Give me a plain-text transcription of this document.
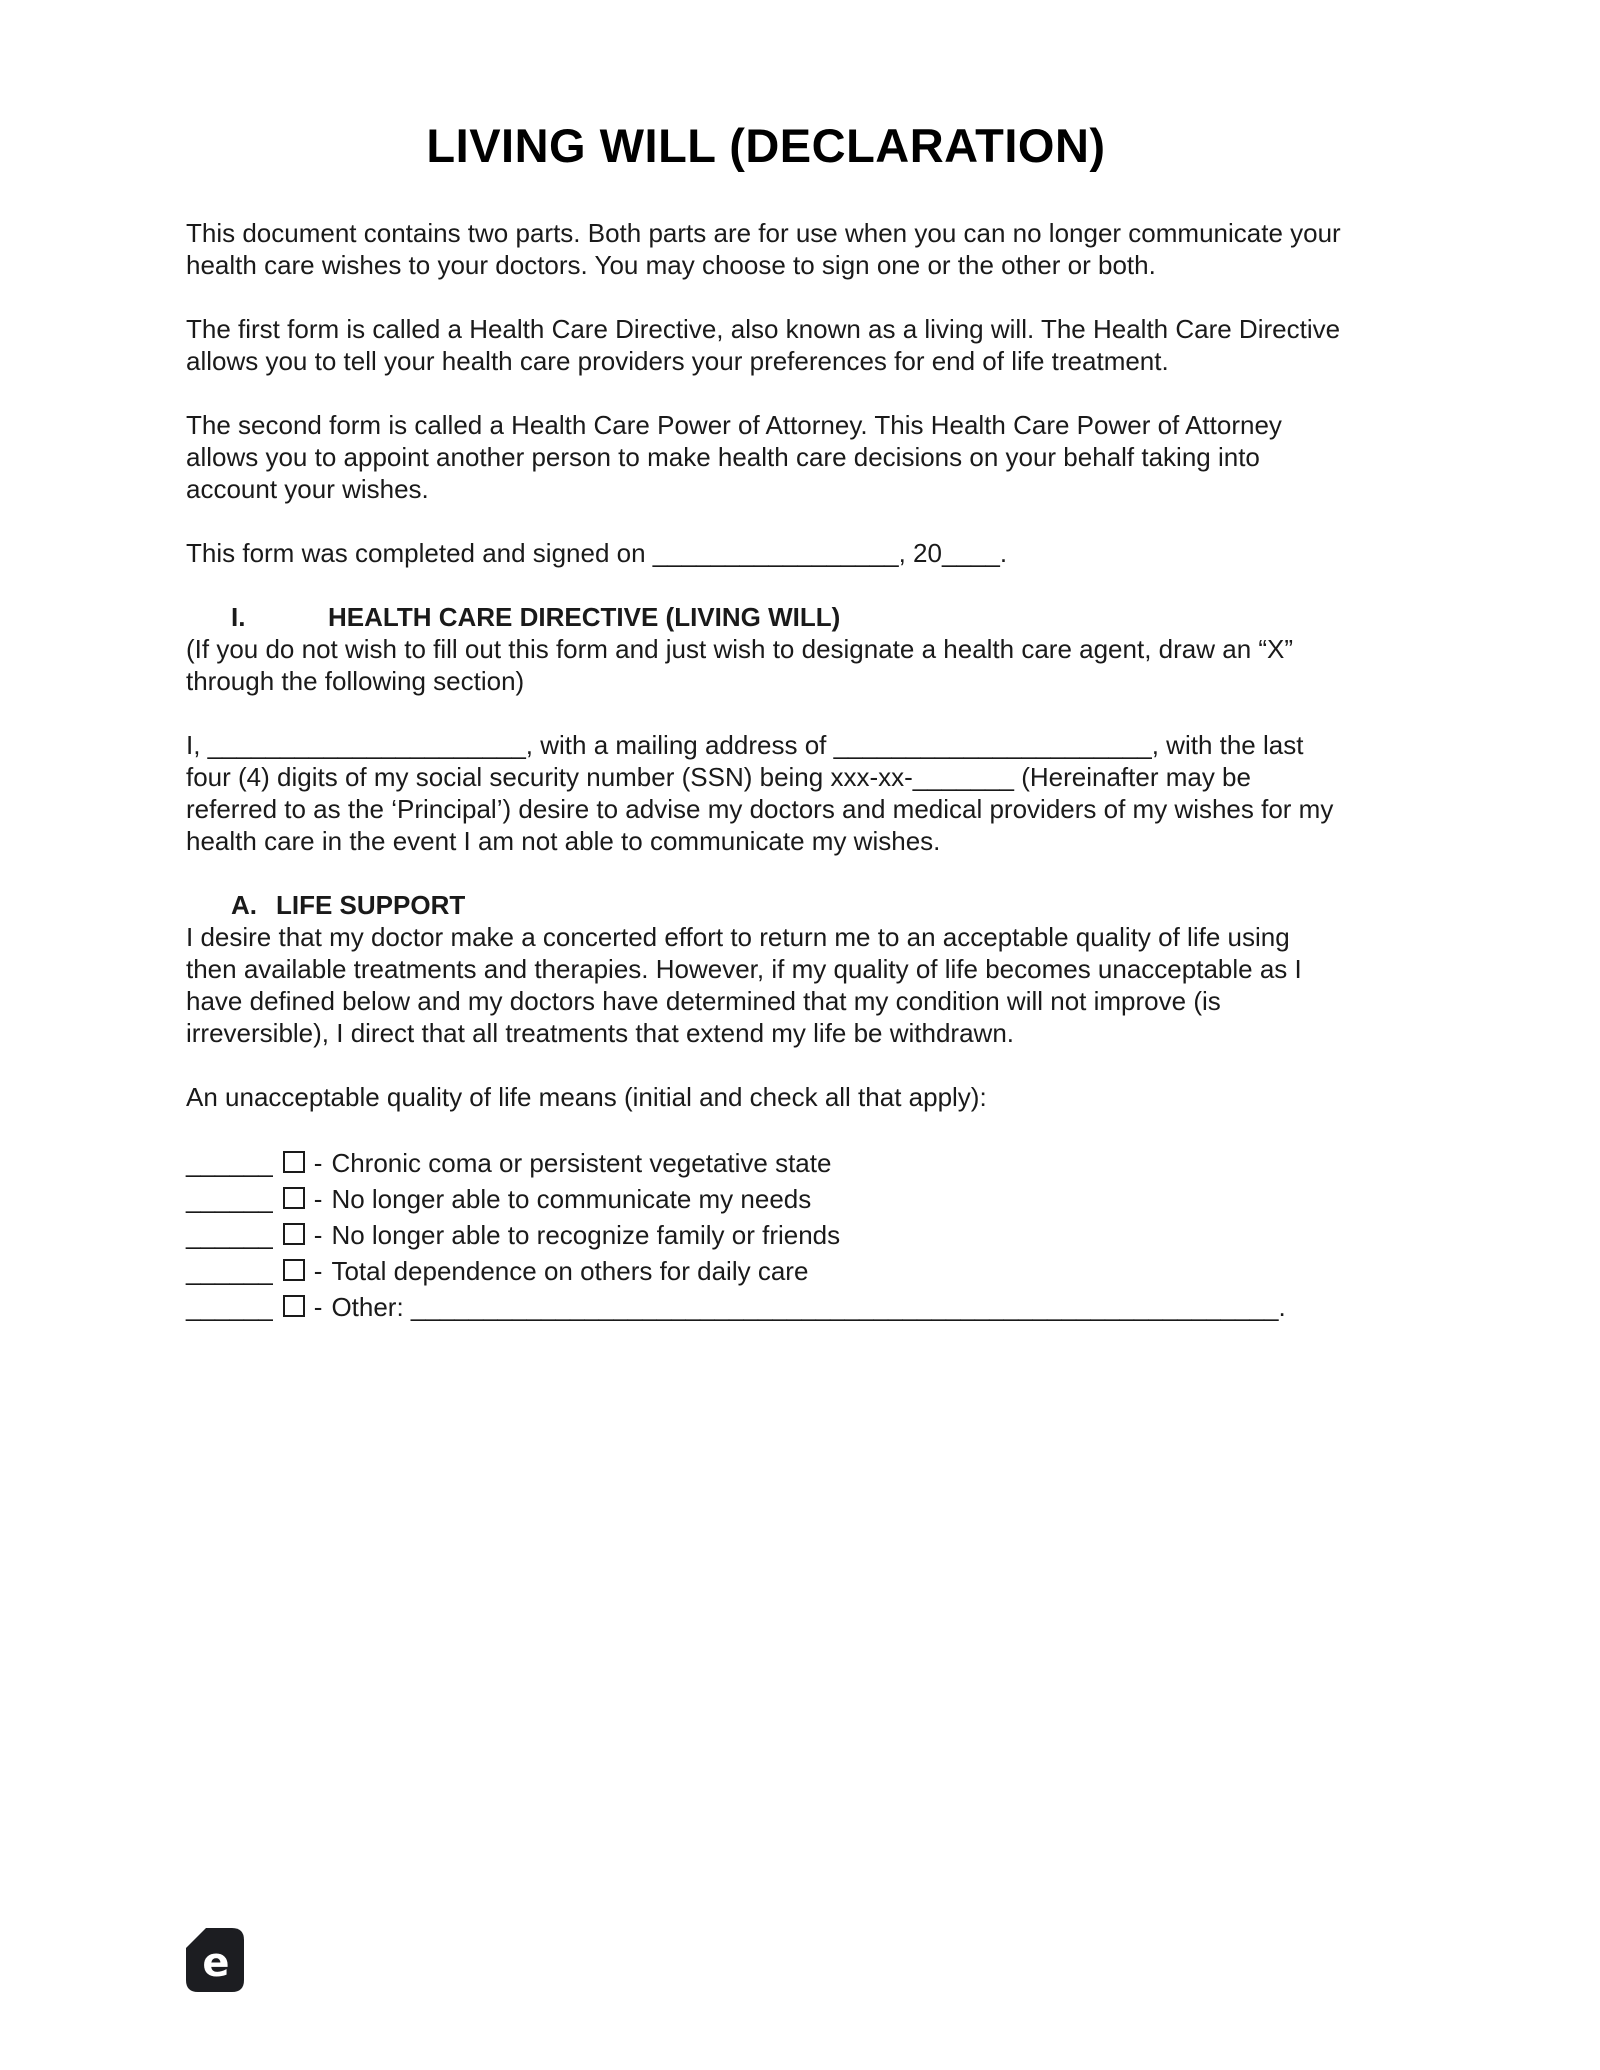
LIVING WILL (DECLARATION)

This document contains two parts. Both parts are for use when you can no longer communicate your health care wishes to your doctors. You may choose to sign one or the other or both.

The first form is called a Health Care Directive, also known as a living will. The Health Care Directive allows you to tell your health care providers your preferences for end of life treatment.

The second form is called a Health Care Power of Attorney. This Health Care Power of Attorney allows you to appoint another person to make health care decisions on your behalf taking into account your wishes.

This form was completed and signed on _________________, 20____.

I.	HEALTH CARE DIRECTIVE (LIVING WILL)

(If you do not wish to fill out this form and just wish to designate a health care agent, draw an “X” through the following section)

I, ______________________, with a mailing address of ______________________, with the last four (4) digits of my social security number (SSN) being xxx-xx-_______ (Hereinafter may be referred to as the ‘Principal’) desire to advise my doctors and medical providers of my wishes for my health care in the event I am not able to communicate my wishes.

A. LIFE SUPPORT

I desire that my doctor make a concerted effort to return me to an acceptable quality of life using then available treatments and therapies. However, if my quality of life becomes unacceptable as I have defined below and my doctors have determined that my condition will not improve (is irreversible), I direct that all treatments that extend my life be withdrawn.

An unacceptable quality of life means (initial and check all that apply):

______ - Chronic coma or persistent vegetative state
______ - No longer able to communicate my needs
______ - No longer able to recognize family or friends
______ - Total dependence on others for daily care
______ - Other: ____________________________________________________________.
e
